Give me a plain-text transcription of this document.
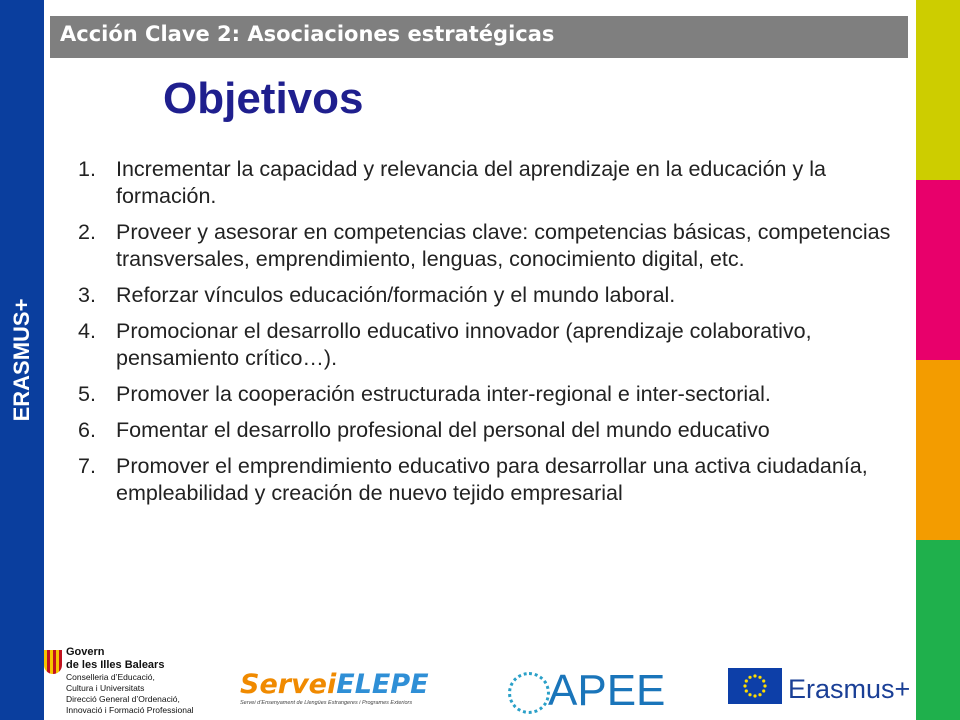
ERASMUS+
Acción Clave 2: Asociaciones estratégicas
Objetivos
1. Incrementar la capacidad y relevancia del aprendizaje en la educación y la formación.
2. Proveer y asesorar en competencias clave: competencias básicas, competencias transversales, emprendimiento, lenguas, conocimiento digital, etc.
3. Reforzar vínculos educación/formación y el mundo laboral.
4. Promocionar el desarrollo educativo innovador (aprendizaje colaborativo, pensamiento crítico…).
5. Promover la cooperación estructurada inter-regional e inter-sectorial.
6. Fomentar el desarrollo profesional del personal del mundo educativo
7. Promover el emprendimiento educativo para desarrollar una activa ciudadanía, empleabilidad y creación de nuevo tejido empresarial
Govern
de les Illes Balears
Conselleria d’Educació,
Cultura i Universitats
Direcció General d’Ordenació,
Innovació i Formació Professional
ServeiELEPE
Servei d’Ensenyament de Llengües Estrangeres i Programes Exteriors	APEE	Erasmus+
